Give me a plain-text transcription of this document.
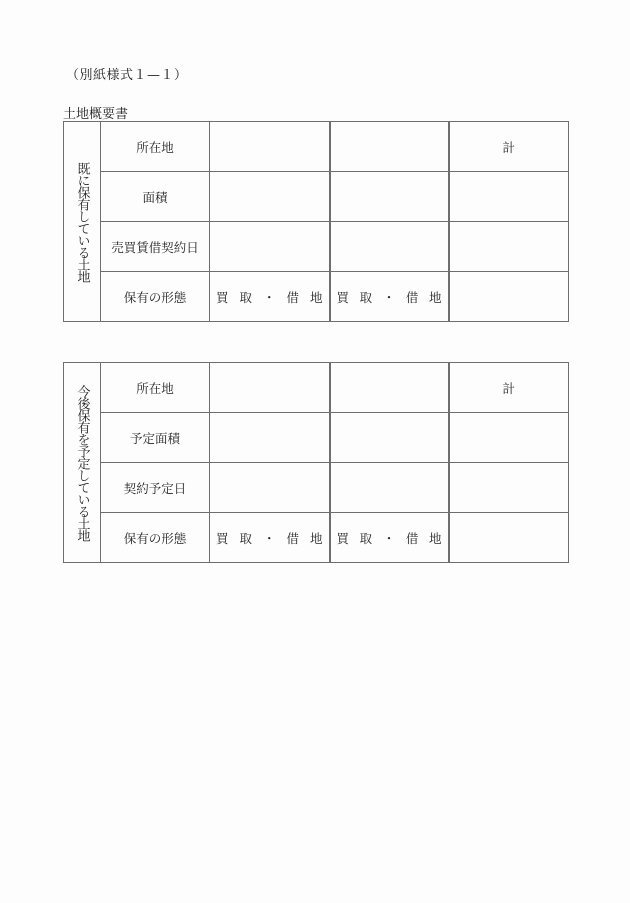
（別紙様式１—１）
土地概要書
既に保有している土地	所在地			計
	面積			
	売買賃借契約日			
	保有の形態	買 取 ・ 借 地	買 取 ・ 借 地	

今後保有を予定している土地	所在地			計
	予定面積			
	契約予定日			
	保有の形態	買 取 ・ 借 地	買 取 ・ 借 地	
